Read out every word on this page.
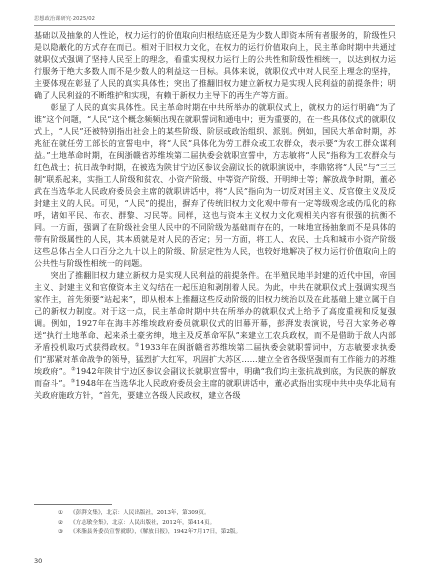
思想政治课研究·2025/02

基础以及抽象的人性论，权力运行的价值取向归根结底还是为少数人即资本所有者服务的，阶级性只是以隐蔽化的方式存在而已。相对于旧权力文化，在权力的运行价值取向上，民主革命时期中共通过就职仪式强调了坚持人民至上的理念，看重实现权力运行上的公共性和阶级性相统一，以达到权力运行服务于绝大多数人而不是少数人的利益这一目标。具体来说，就职仪式中对人民至上理念的坚持，主要体现在彰显了人民的真实具体性；突出了推翻旧权力建立新权力是实现人民利益的前提条件；明确了人民利益的不断维护和实现，有赖于新权力主导下的再生产等方面。

彰显了人民的真实具体性。民主革命时期在中共所举办的就职仪式上，就权力的运行明确“为了谁”这个问题，“人民”这个概念频频出现在就职誓词和通电中；更为重要的，在一些具体仪式的就职仪式上，“人民”还被特别指出社会上的某些阶级、阶层或政治组织、派别。例如，国民大革命时期，苏兆征在就任劳工部长的宣誓电中，将“人民”具体化为劳工群众或工农群众，表示要“为农工群众谋利益。”土地革命时期，在闽浙赣省苏维埃第二届执委会就职宣誓中，方志敏将“人民”指称为工农群众与红色战士；抗日战争时期，在被选为陕甘宁边区参议会副议长的就职演说中，李鼎铭将“人民”与“三三制”联系起来，实指工人阶级和贫农、小资产阶级、中等资产阶级、开明绅士等；解放战争时期，董必武在当选华北人民政府委员会主席的就职讲话中，将“人民”指向为一切反对国主义、反官僚主义及反封建主义的人民。可见，“人民”的提出，摒弃了传统旧权力文化观中带有一定等级观念或仍瓜化的称呼，诸如平民、布衣、群黎、习民等。同样，这也与资本主义权力文化观相关内容有很强的抗衡不同。一方面，强调了在阶级社会里人民中的不同阶级为基础而存在的，一味地宣扬抽象而不是具体的带有阶级属性的人民，其本质就是对人民的否定；另一方面，将工人、农民、士兵和城市小资产阶级这些总体占全人口百分之九十以上的阶级、阶层定性为人民，也较好地解决了权力运行价值取向上的公共性与阶级性相统一的问题。

突出了推翻旧权力建立新权力是实现人民利益的前提条件。在半殖民地半封建的近代中国，帝国主义、封建主义和官僚资本主义勾结在一起压迫和剥削着人民。为此，中共在就职仪式上强调实现当家作主，首先须要“站起来”，即从根本上推翻这些反动阶级的旧权力统治以及在此基础上建立属于自己的新权力制度。对于这一点，民主革命时期中共在所举办的就职仪式上给予了高度重视和反复强调。例如，1927年在海丰苏维埃政府委员就职仪式的旧幕开幕，彭湃发表演说，号召大家务必尊送“执行土地革命、起来杀土豪劣绅，地主及反革命军队”来建立工农兵政权，而不是借助于敌人内部矛盾投机取巧式获得政权。①1933年在闽浙赣省苏维埃第二届执委会就职誓词中，方志敏要求执委们“那紧对革命战争的领导，猛烈扩大红军，巩固扩大苏区……建立全省各级坚强而有工作能力的苏维埃政府”。②1942年陕甘宁边区参议会副议长就职宣誓中，明确“我们均主张抗战到底，为民族的解放而奋斗”。③1948年在当选华北人民政府委员会主席的就职讲话中，董必武指出实现中共中央华北局有关政府施政方针，“首先，要建立各级人民政权，建立各级

① 《彭湃文集》，北京：人民出版社，2013年，第309页。
② 《方志敏全集》，北京：人民出版社，2012年，第414页。
③ 《米脂县务委员宣誓就职》，《解放日报》，1942年7月17日，第2版。
30
